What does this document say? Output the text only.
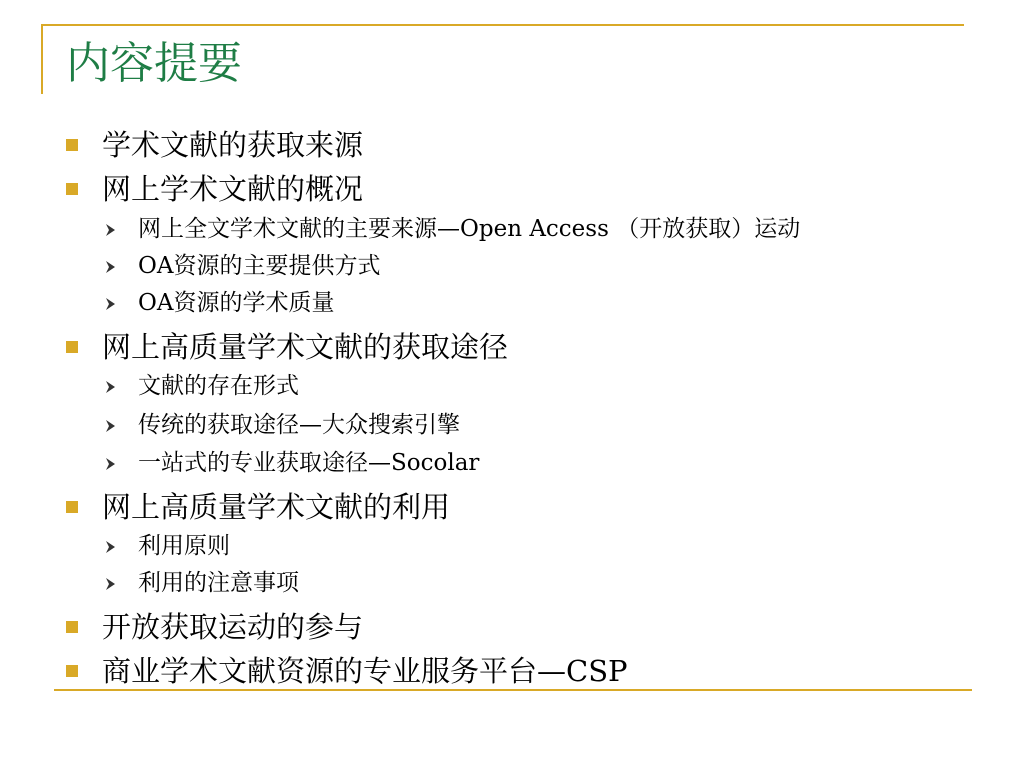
内容提要
学术文献的获取来源
网上学术文献的概况
网上全文学术文献的主要来源—Open Access （开放获取）运动
OA资源的主要提供方式
OA资源的学术质量
网上高质量学术文献的获取途径
文献的存在形式
传统的获取途径—大众搜索引擎
一站式的专业获取途径—Socolar
网上高质量学术文献的利用
利用原则
利用的注意事项
开放获取运动的参与
商业学术文献资源的专业服务平台—CSP
